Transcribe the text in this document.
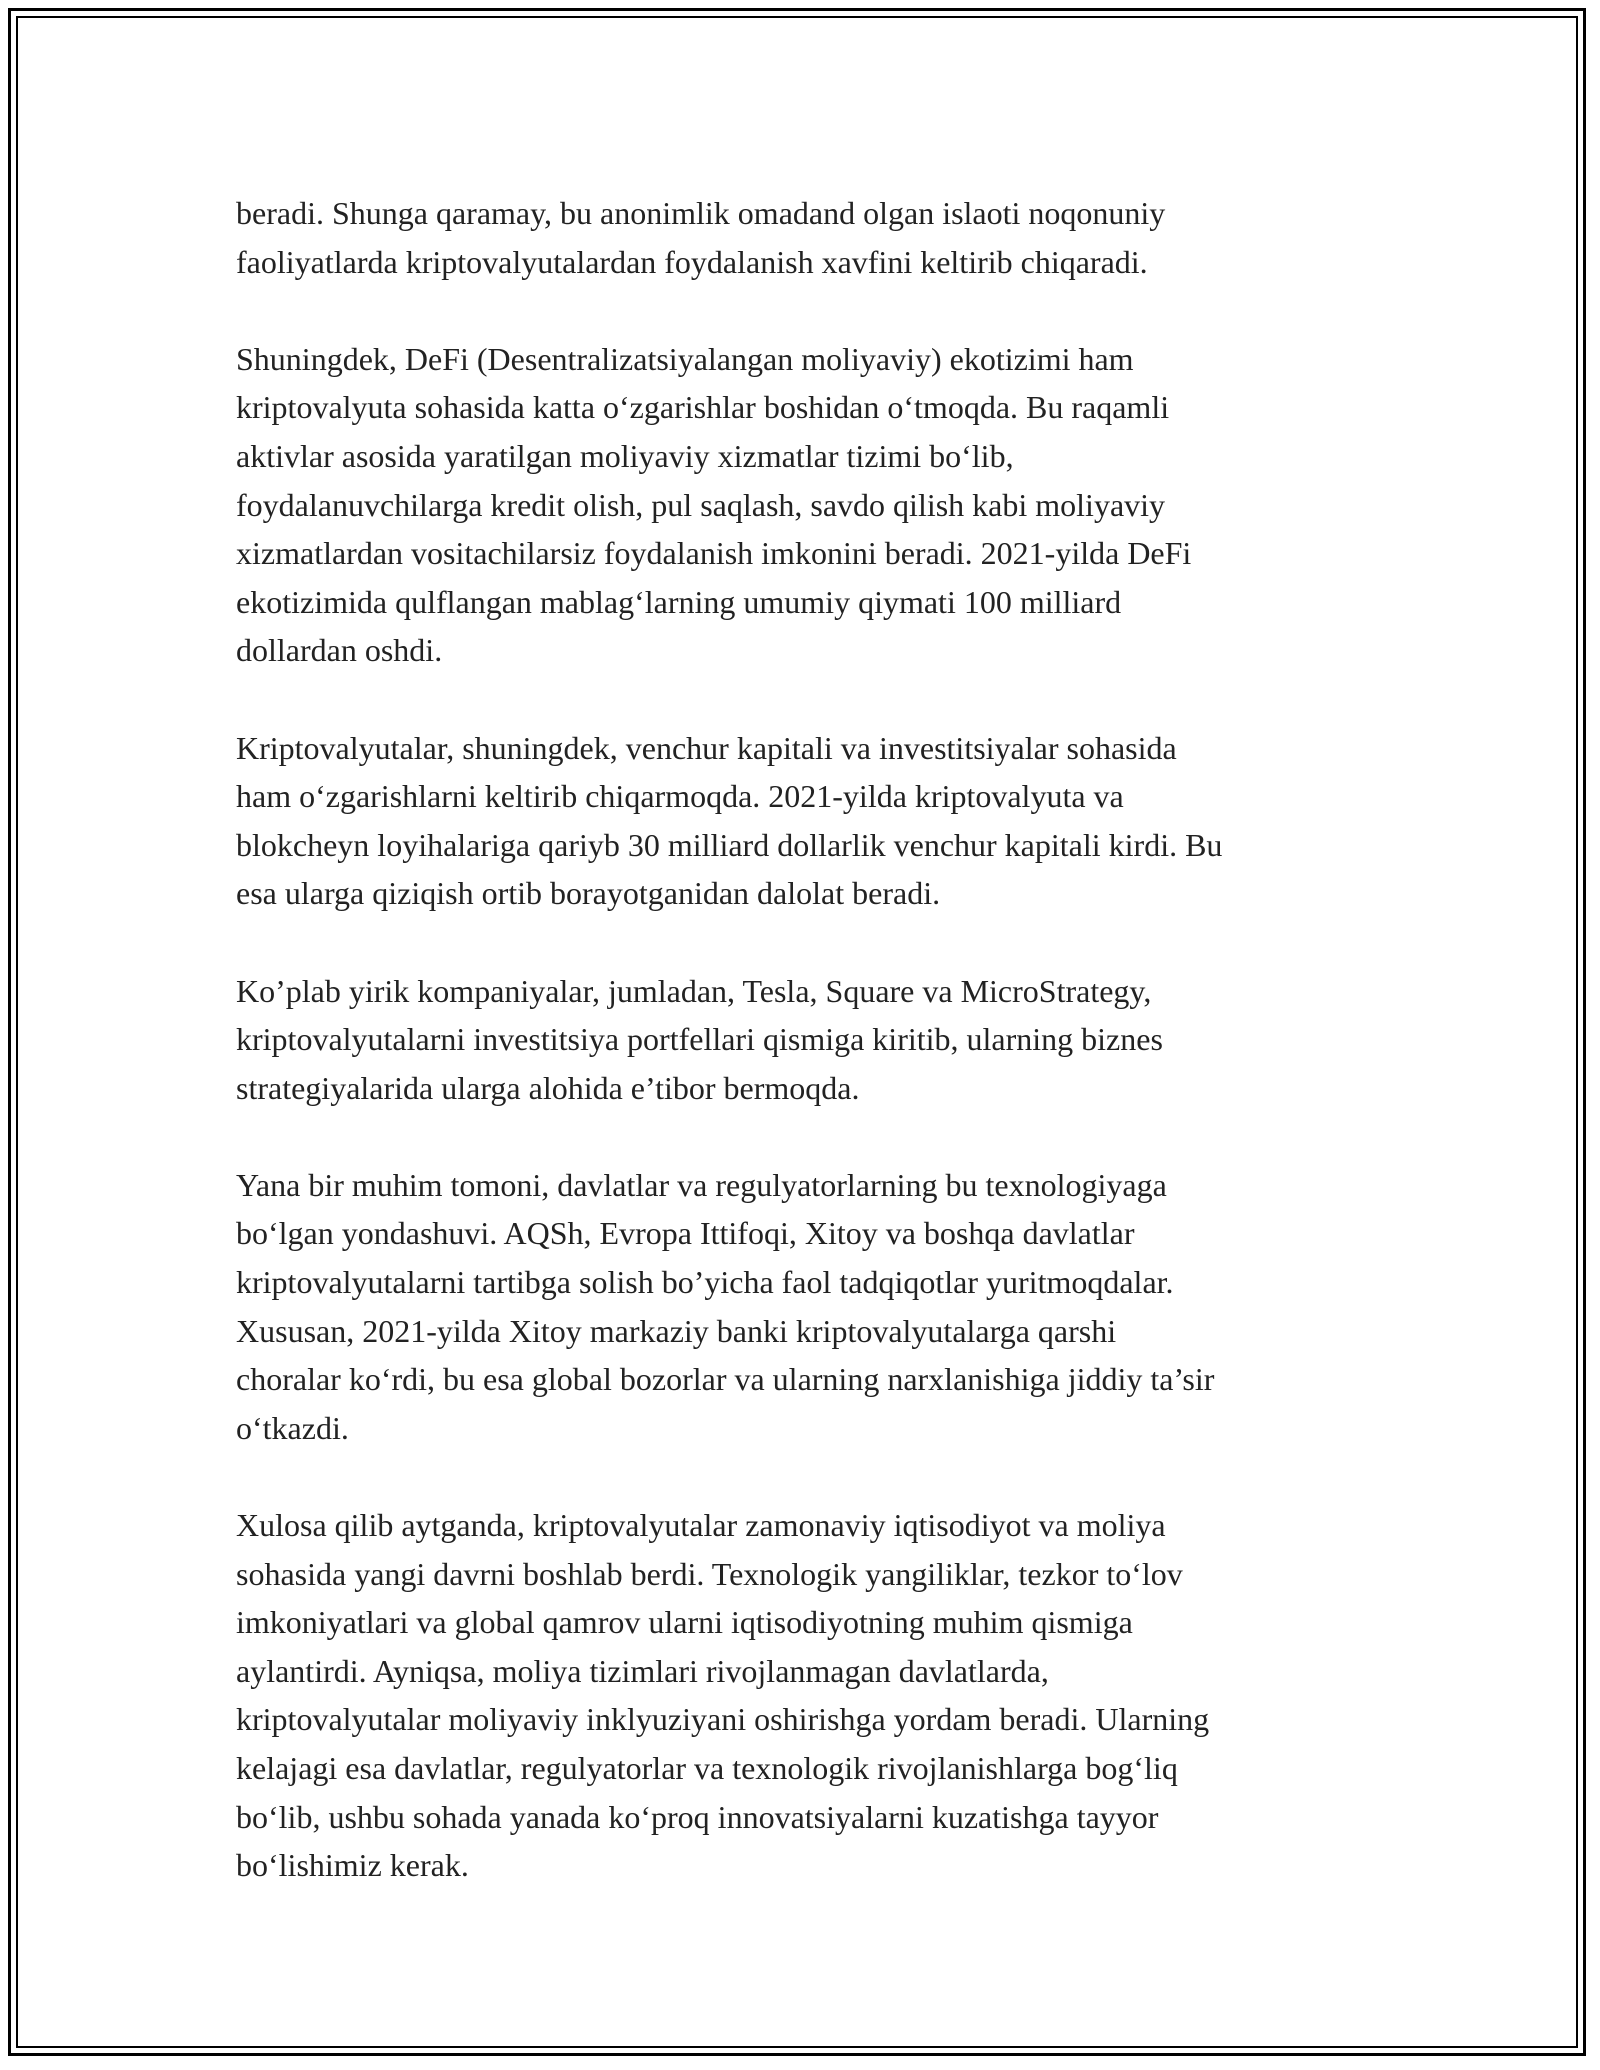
beradi. Shunga qaramay, bu anonimlik omadand olgan islaoti noqonuniy
faoliyatlarda kriptovalyutalardan foydalanish xavfini keltirib chiqaradi.

Shuningdek, DeFi (Desentralizatsiyalangan moliyaviy) ekotizimi ham
kriptovalyuta sohasida katta o‘zgarishlar boshidan o‘tmoqda. Bu raqamli
aktivlar asosida yaratilgan moliyaviy xizmatlar tizimi bo‘lib,
foydalanuvchilarga kredit olish, pul saqlash, savdo qilish kabi moliyaviy
xizmatlardan vositachilarsiz foydalanish imkonini beradi. 2021-yilda DeFi
ekotizimida qulflangan mablag‘larning umumiy qiymati 100 milliard
dollardan oshdi.

Kriptovalyutalar, shuningdek, venchur kapitali va investitsiyalar sohasida
ham o‘zgarishlarni keltirib chiqarmoqda. 2021-yilda kriptovalyuta va
blokcheyn loyihalariga qariyb 30 milliard dollarlik venchur kapitali kirdi. Bu
esa ularga qiziqish ortib borayotganidan dalolat beradi.

Ko’plab yirik kompaniyalar, jumladan, Tesla, Square va MicroStrategy,
kriptovalyutalarni investitsiya portfellari qismiga kiritib, ularning biznes
strategiyalarida ularga alohida e’tibor bermoqda.

Yana bir muhim tomoni, davlatlar va regulyatorlarning bu texnologiyaga
bo‘lgan yondashuvi. AQSh, Evropa Ittifoqi, Xitoy va boshqa davlatlar
kriptovalyutalarni tartibga solish bo’yicha faol tadqiqotlar yuritmoqdalar.
Xususan, 2021-yilda Xitoy markaziy banki kriptovalyutalarga qarshi
choralar ko‘rdi, bu esa global bozorlar va ularning narxlanishiga jiddiy ta’sir
o‘tkazdi.

Xulosa qilib aytganda, kriptovalyutalar zamonaviy iqtisodiyot va moliya
sohasida yangi davrni boshlab berdi. Texnologik yangiliklar, tezkor to‘lov
imkoniyatlari va global qamrov ularni iqtisodiyotning muhim qismiga
aylantirdi. Ayniqsa, moliya tizimlari rivojlanmagan davlatlarda,
kriptovalyutalar moliyaviy inklyuziyani oshirishga yordam beradi. Ularning
kelajagi esa davlatlar, regulyatorlar va texnologik rivojlanishlarga bog‘liq
bo‘lib, ushbu sohada yanada ko‘proq innovatsiyalarni kuzatishga tayyor
bo‘lishimiz kerak.
